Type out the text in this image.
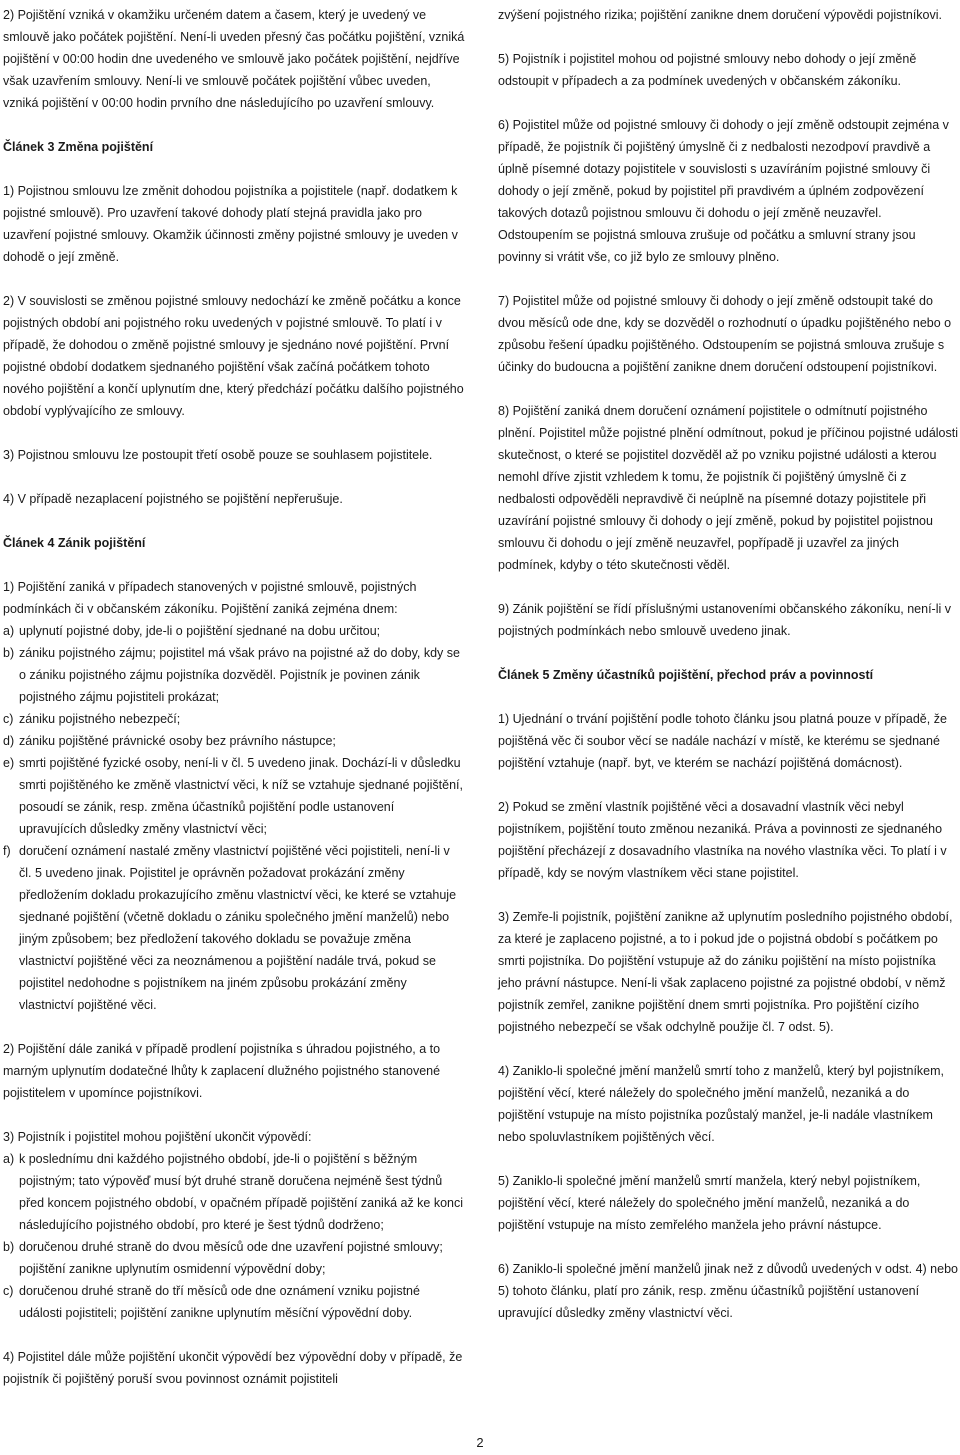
2) Pojištění vzniká v okamžiku určeném datem a časem, který je uvedený ve smlouvě jako počátek pojištění. Není-li uveden přesný čas počátku pojištění, vzniká pojištění v 00:00 hodin dne uvedeného ve smlouvě jako počátek pojištění, nejdříve však uzavřením smlouvy. Není-li ve smlouvě počátek pojištění vůbec uveden, vzniká pojištění v 00:00 hodin prvního dne následujícího po uzavření smlouvy.

Článek 3 Změna pojištění

1) Pojistnou smlouvu lze změnit dohodou pojistníka a pojistitele (např. dodatkem k pojistné smlouvě). Pro uzavření takové dohody platí stejná pravidla jako pro uzavření pojistné smlouvy. Okamžik účinnosti změny pojistné smlouvy je uveden v dohodě o její změně.

2) V souvislosti se změnou pojistné smlouvy nedochází ke změně počátku a konce pojistných období ani pojistného roku uvedených v pojistné smlouvě. To platí i v případě, že dohodou o změně pojistné smlouvy je sjednáno nové pojištění. První pojistné období dodatkem sjednaného pojištění však začíná počátkem tohoto nového pojištění a končí uplynutím dne, který předchází počátku dalšího pojistného období vyplývajícího ze smlouvy.

3) Pojistnou smlouvu lze postoupit třetí osobě pouze se souhlasem pojistitele.

4) V případě nezaplacení pojistného se pojištění nepřerušuje.

Článek 4 Zánik pojištění

1) Pojištění zaniká v případech stanovených v pojistné smlouvě, pojistných podmínkách či v občanském zákoníku. Pojištění zaniká zejména dnem:

a) uplynutí pojistné doby, jde-li o pojištění sjednané na dobu určitou;
b) zániku pojistného zájmu; pojistitel má však právo na pojistné až do doby, kdy se o zániku pojistného zájmu pojistníka dozvěděl. Pojistník je povinen zánik pojistného zájmu pojistiteli prokázat;
c) zániku pojistného nebezpečí;
d) zániku pojištěné právnické osoby bez právního nástupce;
e) smrti pojištěné fyzické osoby, není-li v čl. 5 uvedeno jinak. Dochází-li v důsledku smrti pojištěného ke změně vlastnictví věci, k níž se vztahuje sjednané pojištění, posoudí se zánik, resp. změna účastníků pojištění podle ustanovení upravujících důsledky změny vlastnictví věci;
f) doručení oznámení nastalé změny vlastnictví pojištěné věci pojistiteli, není-li v čl. 5 uvedeno jinak. Pojistitel je oprávněn požadovat prokázání změny předložením dokladu prokazujícího změnu vlastnictví věci, ke které se vztahuje sjednané pojištění (včetně dokladu o zániku společného jmění manželů) nebo jiným způsobem; bez předložení takového dokladu se považuje změna vlastnictví pojištěné věci za neoznámenou a pojištění nadále trvá, pokud se pojistitel nedohodne s pojistníkem na jiném způsobu prokázání změny vlastnictví pojištěné věci.

2) Pojištění dále zaniká v případě prodlení pojistníka s úhradou pojistného, a to marným uplynutím dodatečné lhůty k zaplacení dlužného pojistného stanovené pojistitelem v upomínce pojistníkovi.

3) Pojistník i pojistitel mohou pojištění ukončit výpovědí:

a) k poslednímu dni každého pojistného období, jde-li o pojištění s běžným pojistným; tato výpověď musí být druhé straně doručena nejméně šest týdnů před koncem pojistného období, v opačném případě pojištění zaniká až ke konci následujícího pojistného období, pro které je šest týdnů dodrženo;
b) doručenou druhé straně do dvou měsíců ode dne uzavření pojistné smlouvy; pojištění zanikne uplynutím osmidenní výpovědní doby;
c) doručenou druhé straně do tří měsíců ode dne oznámení vzniku pojistné události pojistiteli; pojištění zanikne uplynutím měsíční výpovědní doby.

4) Pojistitel dále může pojištění ukončit výpovědí bez výpovědní doby v případě, že pojistník či pojištěný poruší svou povinnost oznámit pojistiteli

zvýšení pojistného rizika; pojištění zanikne dnem doručení výpovědi pojistníkovi.

5) Pojistník i pojistitel mohou od pojistné smlouvy nebo dohody o její změně odstoupit v případech a za podmínek uvedených v občanském zákoníku.

6) Pojistitel může od pojistné smlouvy či dohody o její změně odstoupit zejména v případě, že pojistník či pojištěný úmyslně či z nedbalosti nezodpoví pravdivě a úplně písemné dotazy pojistitele v souvislosti s uzavíráním pojistné smlouvy či dohody o její změně, pokud by pojistitel při pravdivém a úplném zodpovězení takových dotazů pojistnou smlouvu či dohodu o její změně neuzavřel. Odstoupením se pojistná smlouva zrušuje od počátku a smluvní strany jsou povinny si vrátit vše, co již bylo ze smlouvy plněno.

7) Pojistitel může od pojistné smlouvy či dohody o její změně odstoupit také do dvou měsíců ode dne, kdy se dozvěděl o rozhodnutí o úpadku pojištěného nebo o způsobu řešení úpadku pojištěného. Odstoupením se pojistná smlouva zrušuje s účinky do budoucna a pojištění zanikne dnem doručení odstoupení pojistníkovi.

8) Pojištění zaniká dnem doručení oznámení pojistitele o odmítnutí pojistného plnění. Pojistitel může pojistné plnění odmítnout, pokud je příčinou pojistné události skutečnost, o které se pojistitel dozvěděl až po vzniku pojistné události a kterou nemohl dříve zjistit vzhledem k tomu, že pojistník či pojištěný úmyslně či z nedbalosti odpověděli nepravdivě či neúplně na písemné dotazy pojistitele při uzavírání pojistné smlouvy či dohody o její změně, pokud by pojistitel pojistnou smlouvu či dohodu o její změně neuzavřel, popřípadě ji uzavřel za jiných podmínek, kdyby o této skutečnosti věděl.

9) Zánik pojištění se řídí příslušnými ustanoveními občanského zákoníku, není-li v pojistných podmínkách nebo smlouvě uvedeno jinak.

Článek 5 Změny účastníků pojištění, přechod práv a povinností

1) Ujednání o trvání pojištění podle tohoto článku jsou platná pouze v případě, že pojištěná věc či soubor věcí se nadále nachází v místě, ke kterému se sjednané pojištění vztahuje (např. byt, ve kterém se nachází pojištěná domácnost).

2) Pokud se změní vlastník pojištěné věci a dosavadní vlastník věci nebyl pojistníkem, pojištění touto změnou nezaniká. Práva a povinnosti ze sjednaného pojištění přecházejí z dosavadního vlastníka na nového vlastníka věci. To platí i v případě, kdy se novým vlastníkem věci stane pojistitel.

3) Zemře-li pojistník, pojištění zanikne až uplynutím posledního pojistného období, za které je zaplaceno pojistné, a to i pokud jde o pojistná období s počátkem po smrti pojistníka. Do pojištění vstupuje až do zániku pojištění na místo pojistníka jeho právní nástupce. Není-li však zaplaceno pojistné za pojistné období, v němž pojistník zemřel, zanikne pojištění dnem smrti pojistníka. Pro pojištění cizího pojistného nebezpečí se však odchylně použije čl. 7 odst. 5).

4) Zaniklo-li společné jmění manželů smrtí toho z manželů, který byl pojistníkem, pojištění věcí, které náležely do společného jmění manželů, nezaniká a do pojištění vstupuje na místo pojistníka pozůstalý manžel, je-li nadále vlastníkem nebo spoluvlastníkem pojištěných věcí.

5) Zaniklo-li společné jmění manželů smrtí manžela, který nebyl pojistníkem, pojištění věcí, které náležely do společného jmění manželů, nezaniká a do pojištění vstupuje na místo zemřelého manžela jeho právní nástupce.

6) Zaniklo-li společné jmění manželů jinak než z důvodů uvedených v odst. 4) nebo 5) tohoto článku, platí pro zánik, resp. změnu účastníků pojištění ustanovení upravující důsledky změny vlastnictví věci.

2
